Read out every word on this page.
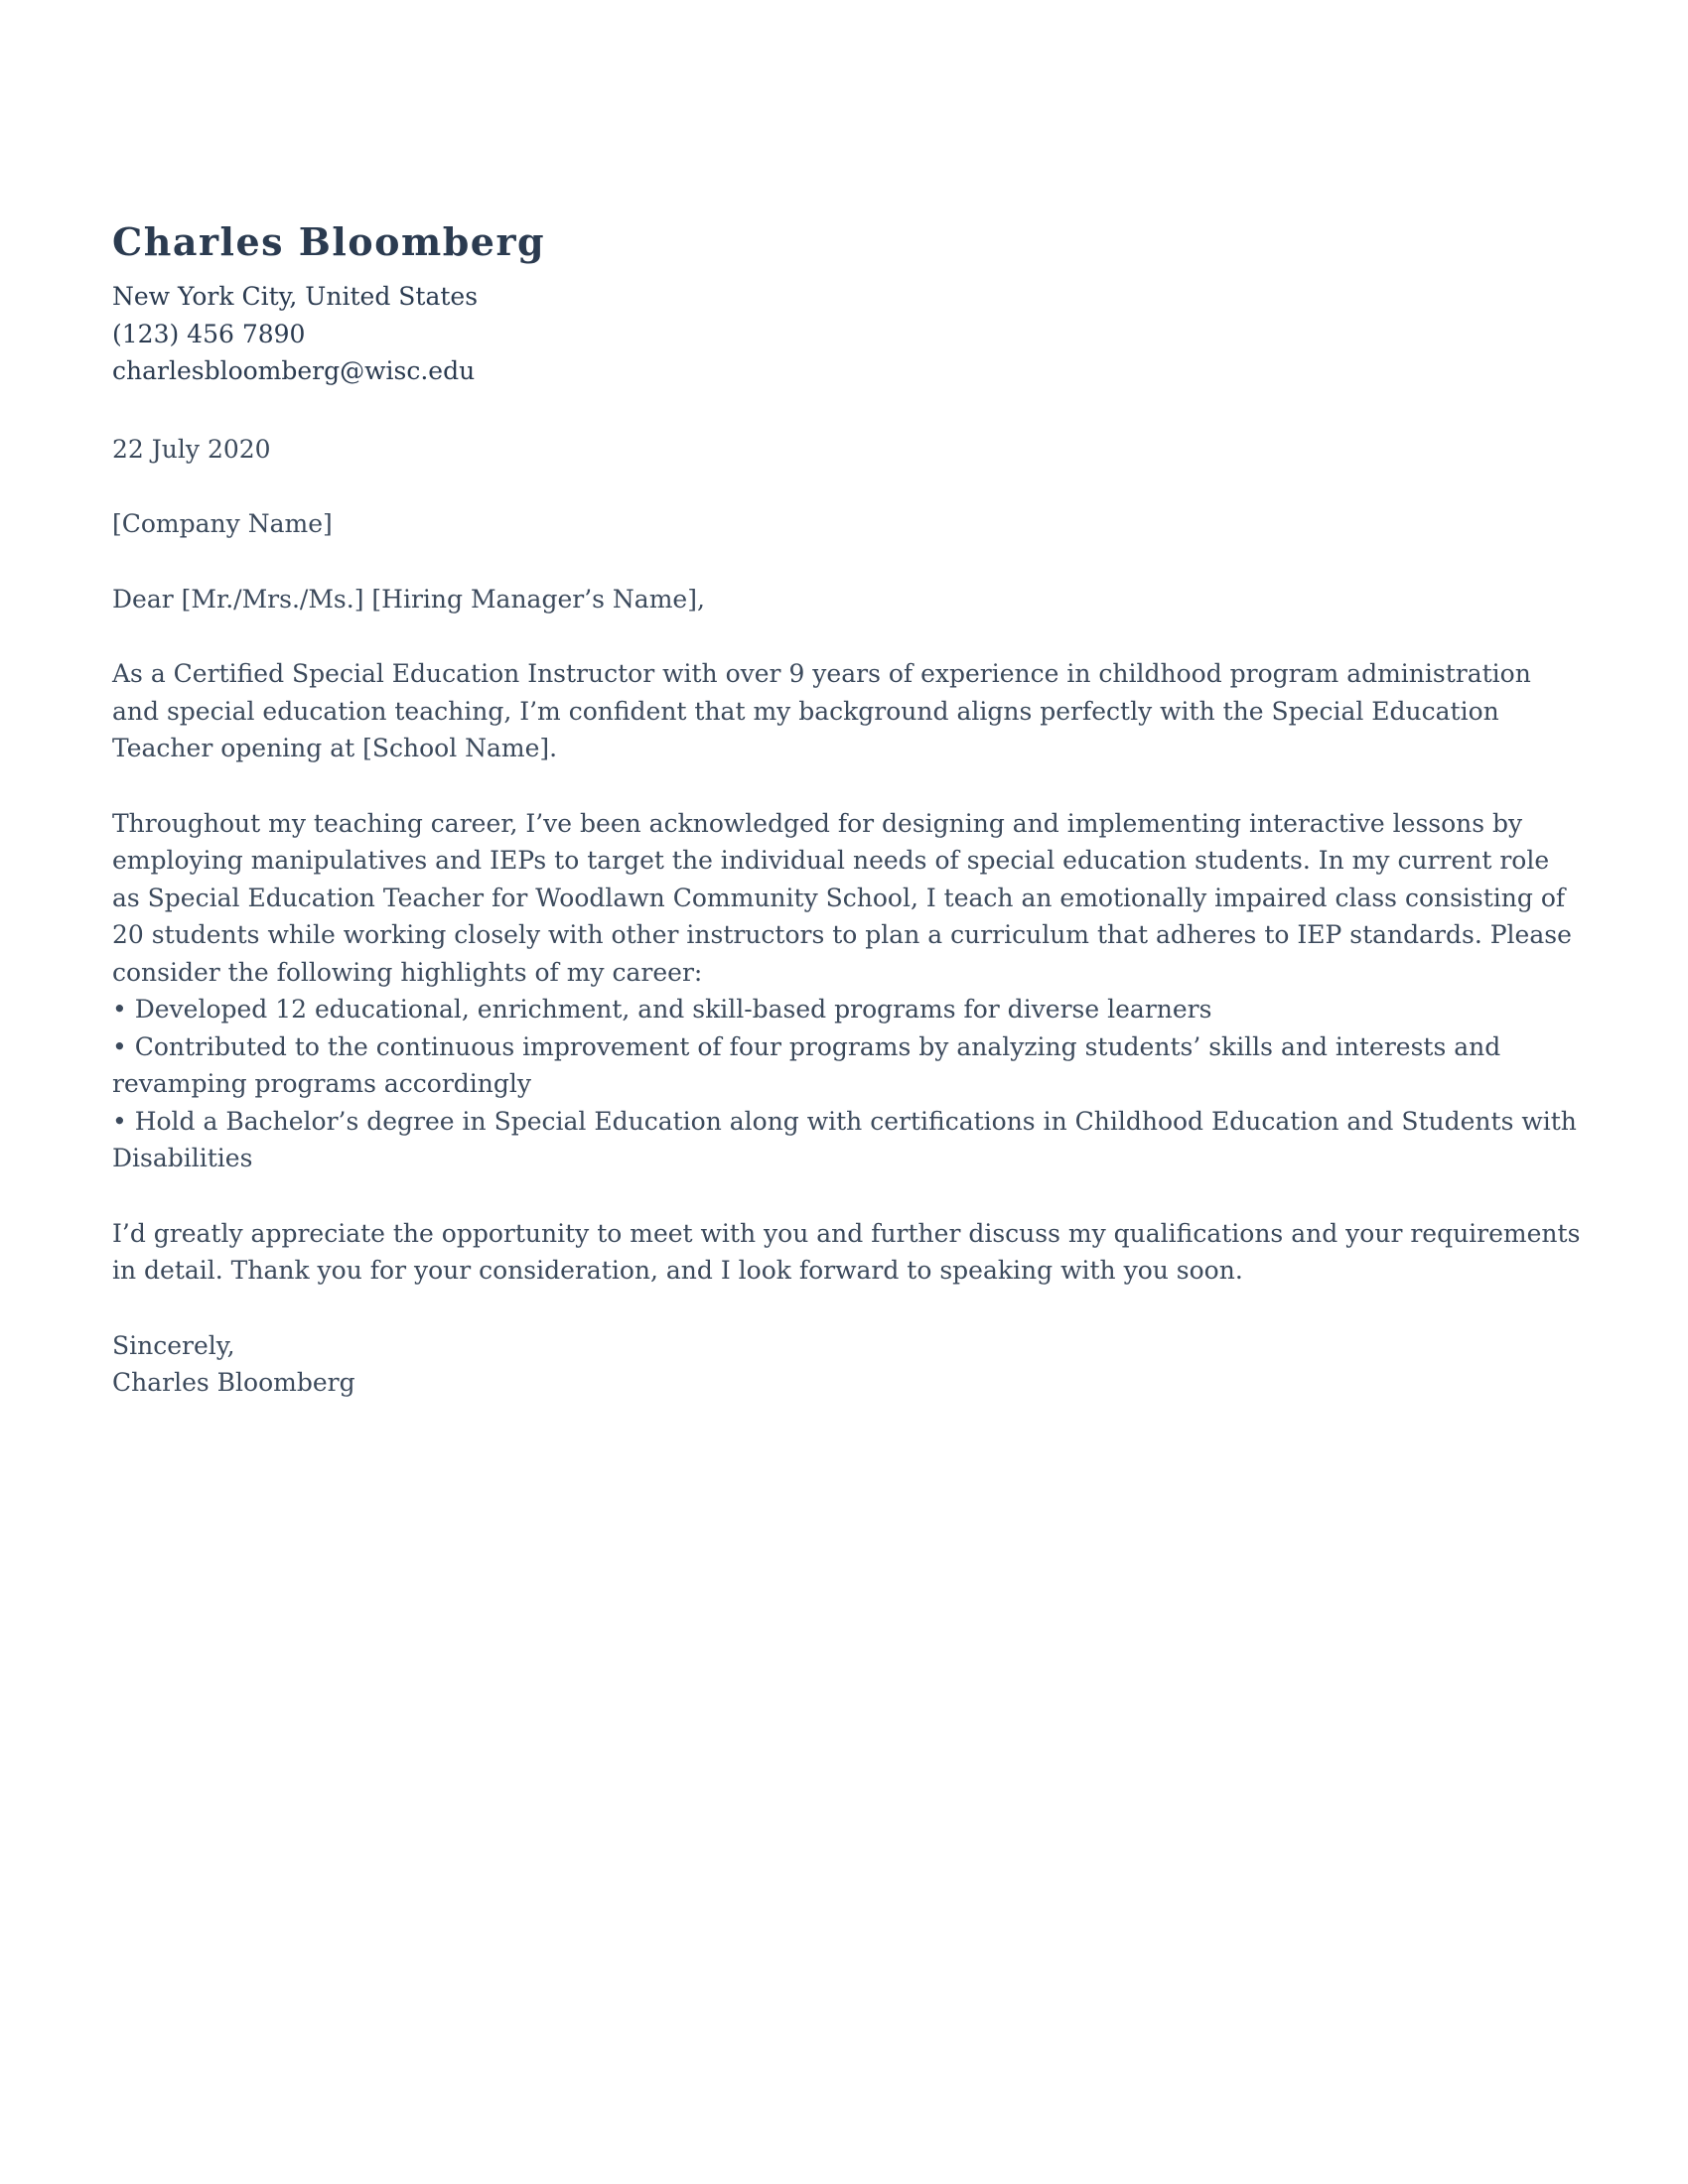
Charles Bloomberg

New York City, United States

(123) 456 7890

charlesbloomberg@wisc.edu

22 July 2020

[Company Name]

Dear [Mr./Mrs./Ms.] [Hiring Manager’s Name],

As a Certified Special Education Instructor with over 9 years of experience in childhood program administration and special education teaching, I’m confident that my background aligns perfectly with the Special Education Teacher opening at [School Name].

Throughout my teaching career, I’ve been acknowledged for designing and implementing interactive lessons by employing manipulatives and IEPs to target the individual needs of special education students. In my current role as Special Education Teacher for Woodlawn Community School, I teach an emotionally impaired class consisting of 20 students while working closely with other instructors to plan a curriculum that adheres to IEP standards. Please consider the following highlights of my career:

• Developed 12 educational, enrichment, and skill-based programs for diverse learners
• Contributed to the continuous improvement of four programs by analyzing students’ skills and interests and revamping programs accordingly
• Hold a Bachelor’s degree in Special Education along with certifications in Childhood Education and Students with Disabilities

I’d greatly appreciate the opportunity to meet with you and further discuss my qualifications and your requirements in detail. Thank you for your consideration, and I look forward to speaking with you soon.

Sincerely,

Charles Bloomberg
